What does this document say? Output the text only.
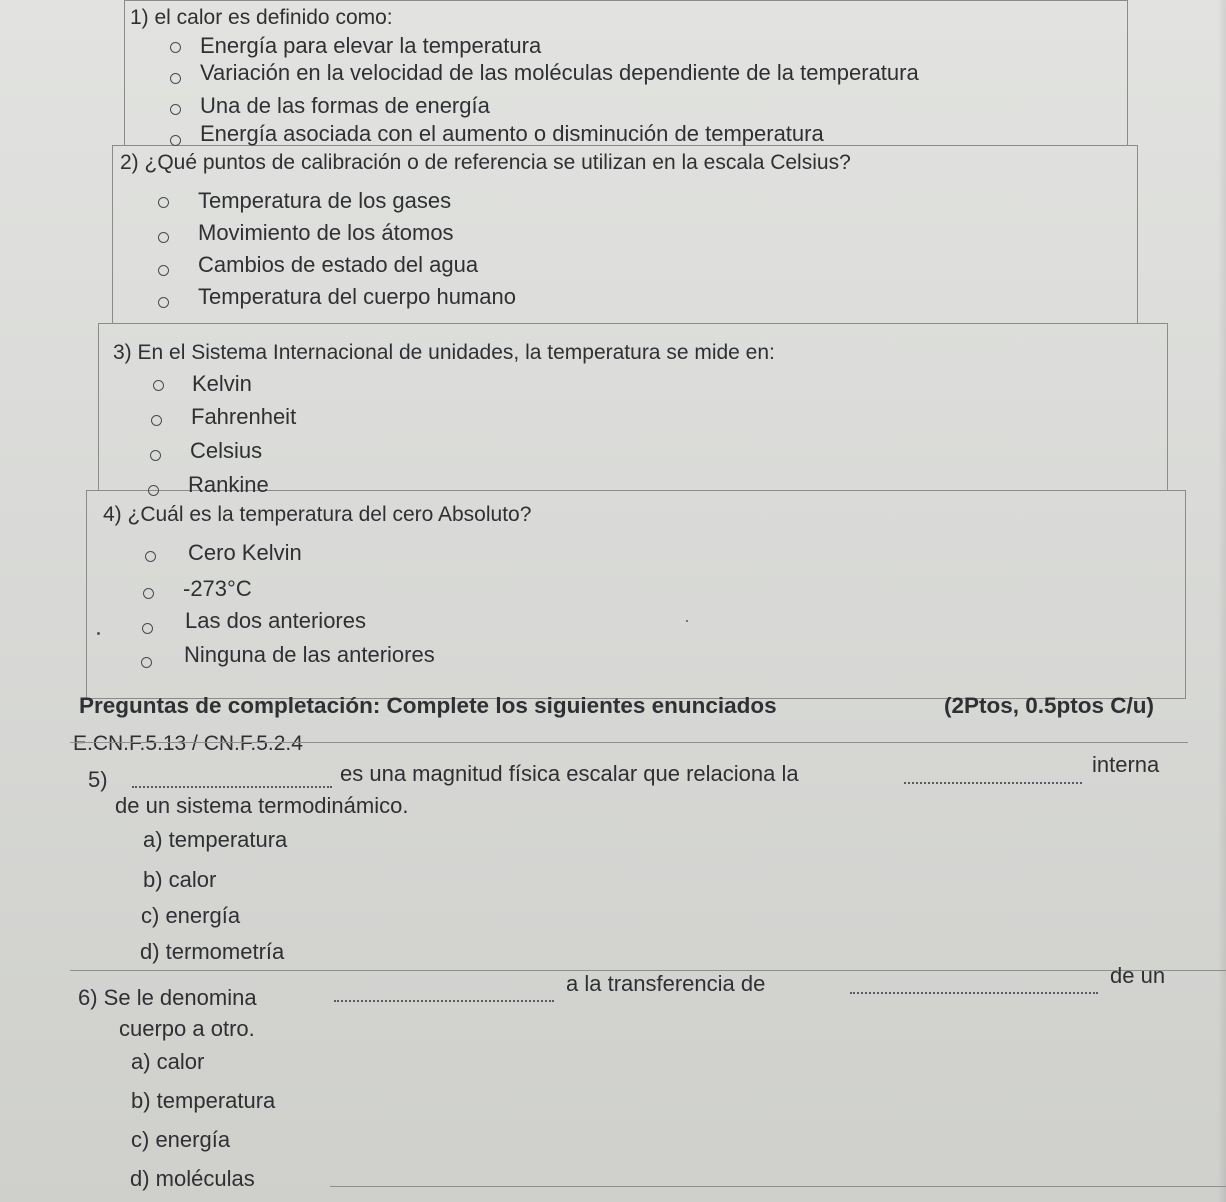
1) el calor es definido como:
Energía para elevar la temperatura
Variación en la velocidad de las moléculas dependiente de la temperatura
Una de las formas de energía
Energía asociada con el aumento o disminución de temperatura
2) ¿Qué puntos de calibración o de referencia se utilizan en la escala Celsius?
Temperatura de los gases
Movimiento de los átomos
Cambios de estado del agua
Temperatura del cuerpo humano
3) En el Sistema Internacional de unidades, la temperatura se mide en:
Kelvin
Fahrenheit
Celsius
Rankine
4) ¿Cuál es la temperatura del cero Absoluto?
Cero Kelvin
-273°C
Las dos anteriores
Ninguna de las anteriores
Preguntas de completación: Complete los siguientes enunciados	(2Ptos, 0.5ptos C/u)
E.CN.F.5.13 / CN.F.5.2.4
5)	es una magnitud física escalar que relaciona la	interna
de un sistema termodinámico.
a) temperatura
b) calor
c) energía
d) termometría
6) Se le denomina
a la transferencia de	de un
cuerpo a otro.
a) calor
b) temperatura
c) energía
d) moléculas
